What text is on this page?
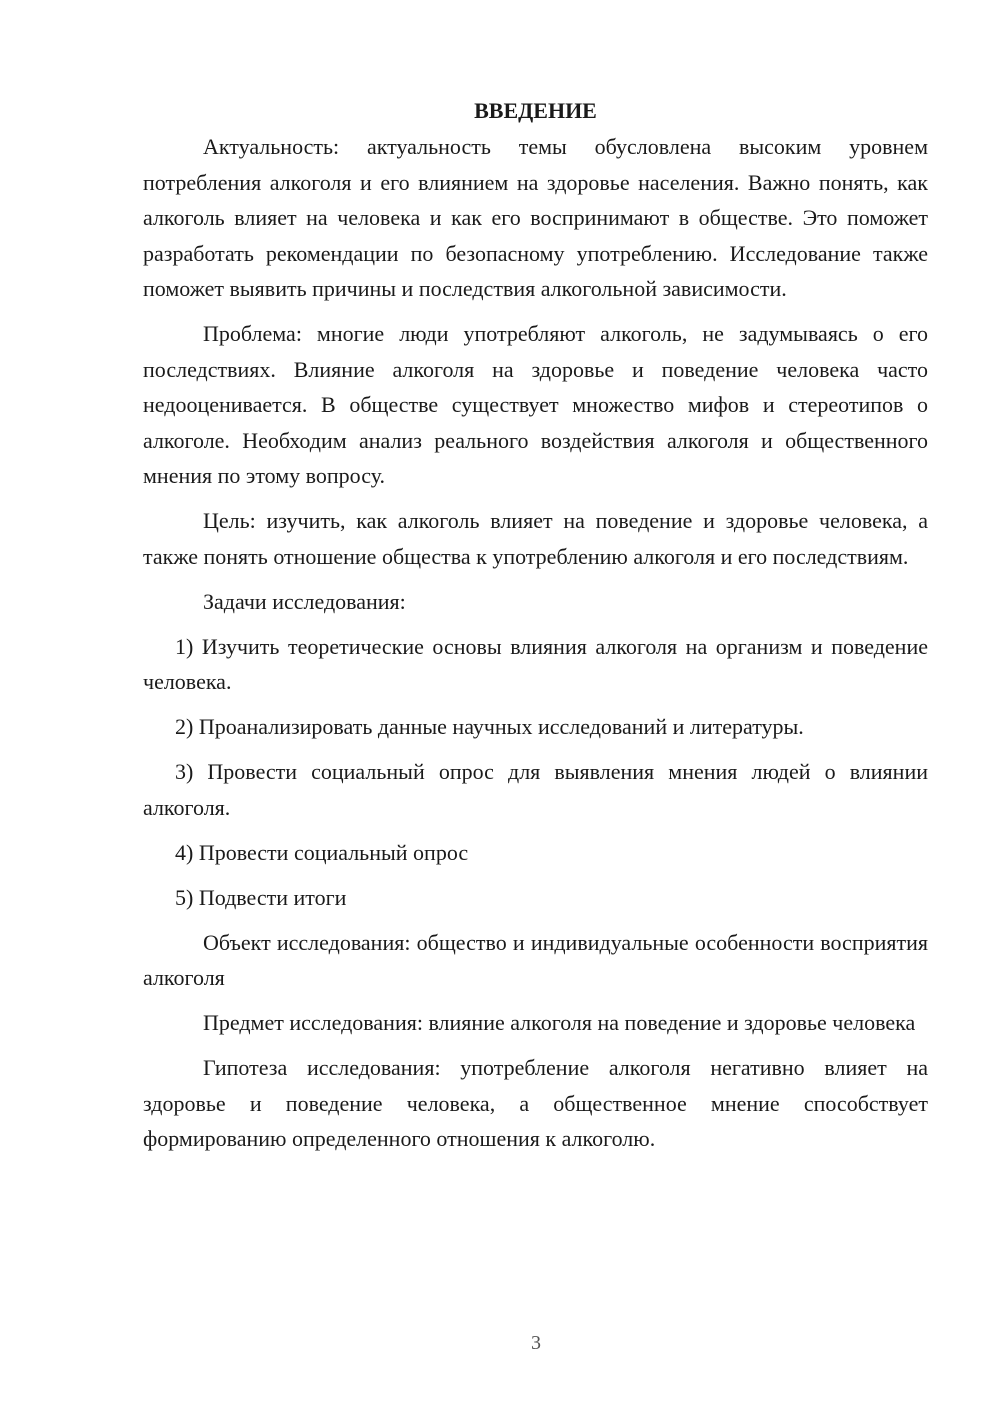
ВВЕДЕНИЕ

Актуальность: актуальность темы обусловлена высоким уровнем потребления алкоголя и его влиянием на здоровье населения. Важно понять, как алкоголь влияет на человека и как его воспринимают в обществе. Это поможет разработать рекомендации по безопасному употреблению. Исследование также поможет выявить причины и последствия алкогольной зависимости.

Проблема: многие люди употребляют алкоголь, не задумываясь о его последствиях. Влияние алкоголя на здоровье и поведение человека часто недооценивается. В обществе существует множество мифов и стереотипов о алкоголе. Необходим анализ реального воздействия алкоголя и общественного мнения по этому вопросу.

Цель: изучить, как алкоголь влияет на поведение и здоровье человека, а также понять отношение общества к употреблению алкоголя и его последствиям.

Задачи исследования:

1) Изучить теоретические основы влияния алкоголя на организм и поведение человека.

2) Проанализировать данные научных исследований и литературы.

3) Провести социальный опрос для выявления мнения людей о влиянии алкоголя.

4) Провести социальный опрос

5) Подвести итоги

Объект исследования: общество и индивидуальные особенности восприятия алкоголя

Предмет исследования: влияние алкоголя на поведение и здоровье человека

Гипотеза исследования: употребление алкоголя негативно влияет на здоровье и поведение человека, а общественное мнение способствует формированию определенного отношения к алкоголю.

3
